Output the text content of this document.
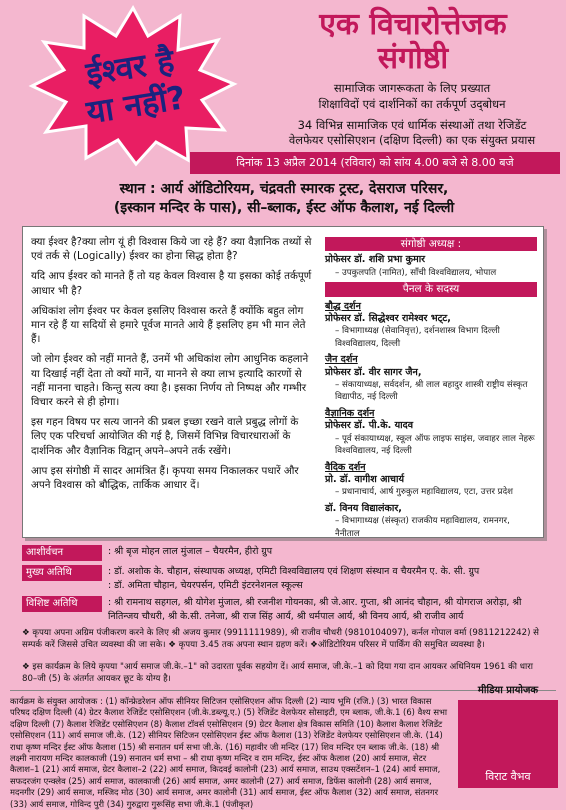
ईश्वर है
या नहीं?
एक विचारोत्तेजक
संगोष्ठी
सामाजिक जागरूकता के लिए प्रख्यात
शिक्षाविदों एवं दार्शनिकों का तर्कपूर्ण उद्‌बोधन
34 विभिन्न सामाजिक एवं धार्मिक संस्थाओं तथा रेजिडेंट
वेलफेयर एसोसिएशन (दक्षिण दिल्ली) का एक संयुक्त प्रयास
दिनांक 13 अप्रैल 2014 (रविवार) को सांय 4.00 बजे से 8.00 बजे
स्थान : आर्य ऑडिटोरियम, चंद्रवती स्मारक ट्रस्ट, देसराज परिसर,
(इस्कान मन्दिर के पास), सी–ब्लाक, ईस्ट ऑफ कैलाश, नई दिल्ली

क्या ईश्वर है?क्या लोग यूं ही विश्वास किये जा रहे हैं? क्या वैज्ञानिक तथ्यों से एवं तर्क से (Logically) ईश्वर का होना सिद्ध होता है?

यदि आप ईश्वर को मानते हैं तो यह केवल विश्वास है या इसका कोई तर्कपूर्ण आधार भी है?

अधिकांश लोग ईश्वर पर केवल इसलिए विश्वास करते हैं क्योंकि बहुत लोग मान रहे हैं या सदियों से हमारे पूर्वज मानते आये हैं इसलिए हम भी मान लेते हैं।

जो लोग ईश्वर को नहीं मानते हैं, उनमें भी अधिकांश लोग आधुनिक कहलाने या दिखाई नहीं देता तो क्यों मानें, या मानने से क्या लाभ इत्यादि कारणों से नहीं मानना चाहते। किन्तु सत्य क्या है। इसका निर्णय तो निष्पक्ष और गम्भीर विचार करने से ही होगा।

इस गहन विषय पर सत्य जानने की प्रबल इच्छा रखने वाले प्रबुद्ध लोगों के लिए एक परिचर्चा आयोजित की गई है, जिसमें विभिन्न विचारधाराओं के दार्शनिक और वैज्ञानिक विद्वान् अपने–अपने तर्क रखेंगे।

आप इस संगोष्ठी में सादर आमंत्रित हैं। कृपया समय निकालकर पधारें और अपने विश्वास को बौद्धिक, तार्किक आधार दें।

संगोष्ठी अध्यक्ष :
प्रोफेसर डॉ. शशि प्रभा कुमार
– उपकुलपति (नामित), साँची विश्वविद्यालय, भोपाल
पैनल के सदस्य
बौद्ध दर्शन
प्रोफेसर डॉ. सिद्धेश्वर रामेश्वर भट्‌ट,
– विभागाध्यक्ष (सेवानिवृत्त), दर्शनशास्त्र विभाग दिल्ली विश्वविद्यालय, दिल्ली
जैन दर्शन
प्रोफेसर डॉ. वीर सागर जैन,
– संकायाध्यक्ष, सर्वदर्शन, श्री लाल बहादुर शास्त्री राष्ट्रीय संस्कृत विद्यापीठ, नई दिल्ली
वैज्ञानिक दर्शन
प्रोफेसर डॉ. पी.के. यादव
– पूर्व संकायाध्यक्ष, स्कूल ऑफ लाइफ साइंस, जवाहर लाल नेहरू विश्वविद्यालय, नई दिल्ली
वैदिक दर्शन
प्रो. डॉ. वागीश आचार्य
– प्रधानाचार्य, आर्ष गुरुकुल महाविद्यालय, एटा, उत्तर प्रदेश
डॉ. विनय विद्यालंकार,
– विभागाध्यक्ष (संस्कृत) राजकीय महाविद्यालय, रामनगर, नैनीताल
आशीर्वचन	: श्री बृज मोहन लाल मुंजाल – चैयरमैन, हीरो ग्रुप
मुख्य अतिथि	: डॉ. अशोक के. चौहान, संस्थापक अध्यक्ष, एमिटी विश्वविद्यालय एवं शिक्षण संस्थान व चैयरमैन ए. के. सी. ग्रुप
: डॉ. अमिता चौहान, चेयरपर्सन, एमिटी इंटरनेशनल स्कूल्स
विशिष्ट अतिथि	: श्री रामनाथ सहगल, श्री योगेश मुंजाल, श्री रजनीश गोयनका, श्री जे.आर. गुप्ता, श्री आनंद चौहान, श्री योगराज अरोड़ा, श्री नितिन्जय चौधरी, श्री के.सी. तनेजा, श्री राज सिंह आर्य, श्री धर्मपाल आर्य, श्री विनय आर्य, श्री राजीव आर्य

❖ कृपया अपना अग्रिम पंजीकरण करने के लिए श्री अजय कुमार (9911111989), श्री राजीव चौधरी (9810104097), कर्नल गोपाल वर्मा (9811212242) से सम्पर्क करें जिससे उचित व्यवस्था की जा सके। ❖ कृपया 3.45 तक अपना स्थान ग्रहण करें। ❖ऑडिटोरियम परिसर में पार्किंग की समुचित व्यवस्था है।

❖ इस कार्यक्रम के लिये कृपया "आर्य समाज जी.के.–1" को उदारता पूर्वक सहयोग दें। आर्य समाज, जी.के.–1 को दिया गया दान आयकर अधिनियम 1961 की धारा 80–जी (5) के अंतर्गत आयकर छूट के योग्य है।
कार्यक्रम के संयुक्त आयोजक : (1) कॉन्फ्रेडरेशन ऑफ सीनियर सिटिजन एसोसिएशन ऑफ दिल्ली (2) न्याय भूमि (रजि.) (3) भारत विकास परिषद दक्षिण दिल्ली (4) ग्रेटर कैलाश रेजिडेंट एसोसिएशन (जी.के.डब्ल्यू.ए.) (5) रेजिडेंट वेलफेयर सोसाइटी, एम ब्लाक, जी.के.1 (6) वैश्य सभा दक्षिण दिल्ली (7) कैलाश रेजिडेंट एसोसिएशन (8) कैलाश टॉवर्स एसोसिएशन (9) ग्रेटर कैलाश क्षेत्र विकास समिति (10) कैलाश कैलाश रेजिडेंट एसोसिएशन (11) आर्य समाज जी.के. (12) सीनियर सिटिजन एसोसिएशन ईस्ट ऑफ कैलाश (13) रेजिडेंट वेलफेयर एसोसिएशन जी.के. (14) राधा कृष्ण मन्दिर ईस्ट ऑफ कैलाश (15) श्री सनातन धर्म सभा जी.के. (16) महावीर जी मन्दिर (17) शिव मन्दिर एन ब्लाक जी.के. (18) श्री लक्ष्मी नारायण मन्दिर कालकाजी (19) सनातन धर्म सभा – श्री राधा कृष्ण मन्दिर व राम मन्दिर, ईस्ट ऑफ कैलाश (20) आर्य समाज, सेटर कैलाश–1 (21) आर्य समाज, ग्रेटर कैलाश–2 (22) आर्य समाज, किदवई कालोनी (23) आर्य समाज, साउथ एक्सटेंशन–1 (24) आर्य समाज, सफदरजंग एन्क्लेव (25) आर्य समाज, कालकाजी (26) आर्य समाज, अमर कालोनी (27) आर्य समाज, डिफेंस कालोनी (28) आर्य समाज, मदनगीर (29) आर्य समाज, मस्जिद मोठ (30) आर्य समाज, अमर कालोनी (31) आर्य समाज, ईस्ट ऑफ कैलाश (32) आर्य समाज, संतनगर (33) आर्य समाज, गोविन्द पुरी (34) गुरुद्वारा गुरूसिंह सभा जी.के.1 (पंजीकृत)
मीडिया प्रायोजक
विराट वैभव
